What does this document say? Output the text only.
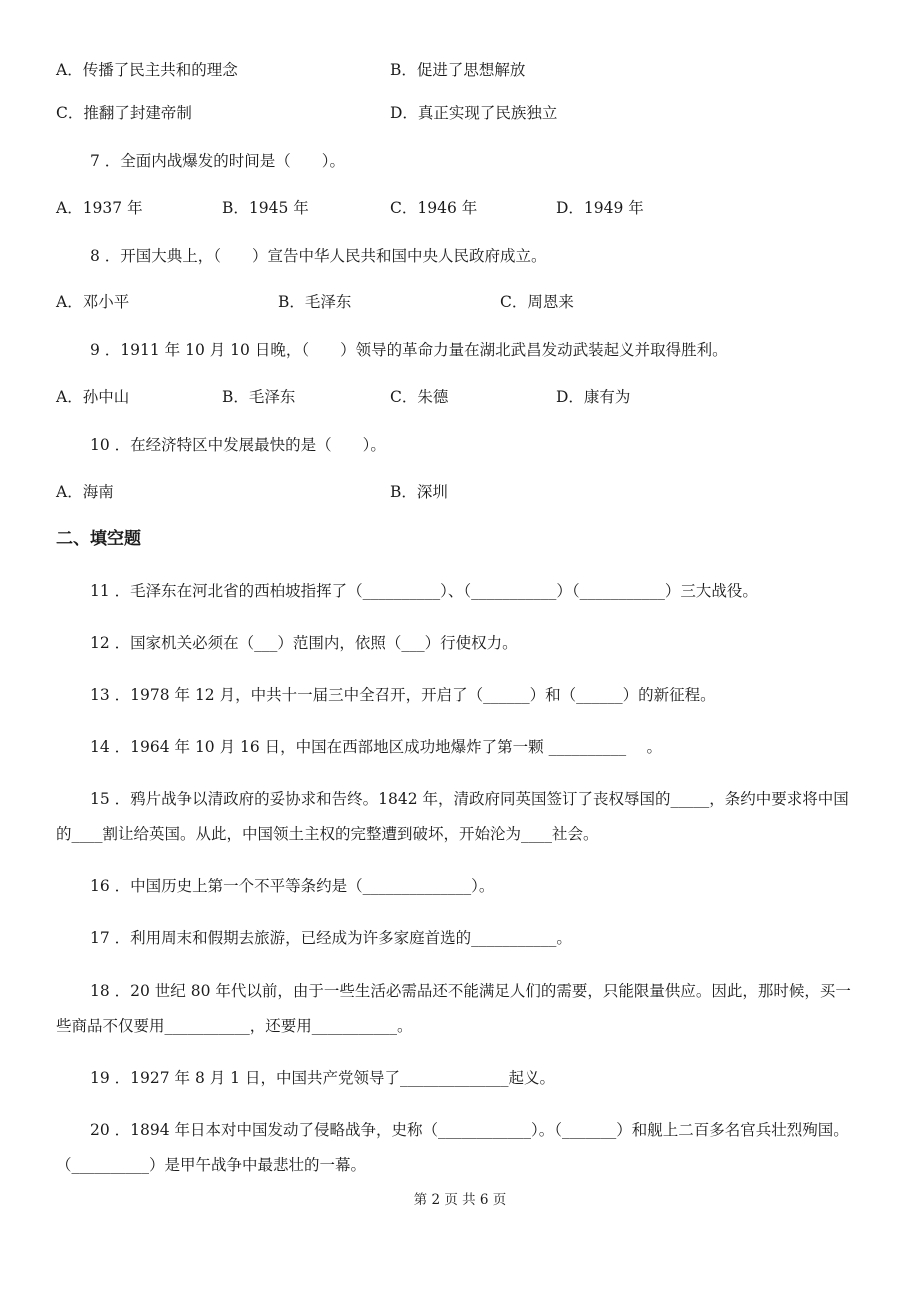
A．传播了民主共和的理念	B．促进了思想解放
C．推翻了封建帝制	D．真正实现了民族独立
7 ．全面内战爆发的时间是（　　）。
A．1937 年	B．1945 年	C．1946 年	D．1949 年
8 ．开国大典上，（　　）宣告中华人民共和国中央人民政府成立。
A．邓小平	B．毛泽东	C．周恩来
9 ．1911 年 10 月 10 日晚，（　　）领导的革命力量在湖北武昌发动武装起义并取得胜利。
A．孙中山	B．毛泽东	C．朱德	D．康有为
10 ．在经济特区中发展最快的是（　　）。
A．海南	B．深圳
二、填空题
11 ．毛泽东在河北省的西柏坡指挥了（__________）、（___________）（___________）三大战役。
12 ．国家机关必须在（___）范围内，依照（___）行使权力。
13 ．1978 年 12 月，中共十一届三中全召开，开启了（______）和（______）的新征程。
14 ．1964 年 10 月 16 日，中国在西部地区成功地爆炸了第一颗 __________　 。
15 ．鸦片战争以清政府的妥协求和告终。1842 年，清政府同英国签订了丧权辱国的_____，条约中要求将中国
的____割让给英国。从此，中国领土主权的完整遭到破坏，开始沦为____社会。
16 ．中国历史上第一个不平等条约是（______________）。
17 ．利用周末和假期去旅游，已经成为许多家庭首选的___________。
18 ．20 世纪 80 年代以前，由于一些生活必需品还不能满足人们的需要，只能限量供应。因此，那时候，买一
些商品不仅要用___________，还要用___________。
19 ．1927 年 8 月 1 日，中国共产党领导了______________起义。
20 ．1894 年日本对中国发动了侵略战争，史称（____________）。（_______）和舰上二百多名官兵壮烈殉国。
（__________）是甲午战争中最悲壮的一幕。
第 2 页 共 6 页
